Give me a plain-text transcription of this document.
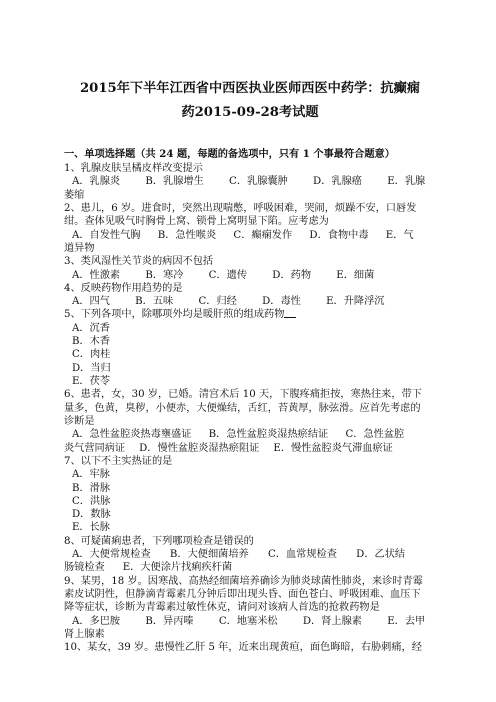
2015年下半年江西省中西医执业医师西医中药学：抗癫痫
药2015-09-28考试题
一、单项选择题（共 24 题，每题的备选项中，只有 1 个事最符合题意）
1、乳腺皮肤呈橘皮样改变提示
A．乳腺炎 B．乳腺增生 C．乳腺囊肿 D．乳腺癌 E．乳腺
萎缩
2、患儿，6 岁。进食时，突然出现喘憋，呼吸困难，哭闹，烦躁不安，口唇发
绀。查体见吸气时胸骨上窝、锁骨上窝明显下陷。应考虑为
A．自发性气胸 B．急性喉炎 C．癫痫发作 D．食物中毒 E．气
道异物
3、类风湿性关节炎的病因不包括
A．性激素 B．寒冷 C．遗传 D．药物 E．细菌
4、反映药物作用趋势的是
A．四气 B．五味 C．归经 D．毒性 E．升降浮沉
5、下列各项中，除哪项外均是暖肝煎的组成药物
A．沉香
B．木香
C．肉桂
D．当归
E．茯苓
6、患者，女，30 岁，已婚。清宫术后 10 天，下腹疼痛拒按，寒热往来，带下
量多，色黄，臭秽，小便赤，大便燥结，舌红，苔黄厚，脉弦滑。应首先考虑的
诊断是
A．急性盆腔炎热毒壅盛证 B．急性盆腔炎湿热瘀结证 C．急性盆腔
炎气营同病证 D．慢性盆腔炎湿热瘀阻证 E．慢性盆腔炎气滞血瘀证
7、以下不主实热证的是
A．牢脉
B．滑脉
C．洪脉
D．数脉
E．长脉
8、可疑菌痢患者，下列哪项检查是错误的
A．大便常规检查 B．大便细菌培养 C．血常规检查 D．乙状结
肠镜检查 E．大便涂片找痢疾杆菌
9、某男，18 岁。因寒战、高热经细菌培养确诊为肺炎球菌性肺炎，来诊时青霉
素皮试阴性，但静滴青霉素几分钟后即出现头昏、面色苍白、呼吸困难、血压下
降等症状，诊断为青霉素过敏性休克，请问对该病人首选的抢救药物是
A．多巴胺 B．异丙嗪 C．地塞米松 D．肾上腺素 E．去甲
肾上腺素
10、某女，39 岁。患慢性乙肝 5 年，近来出现黄疸，面色晦暗，右胁刺痛，经
